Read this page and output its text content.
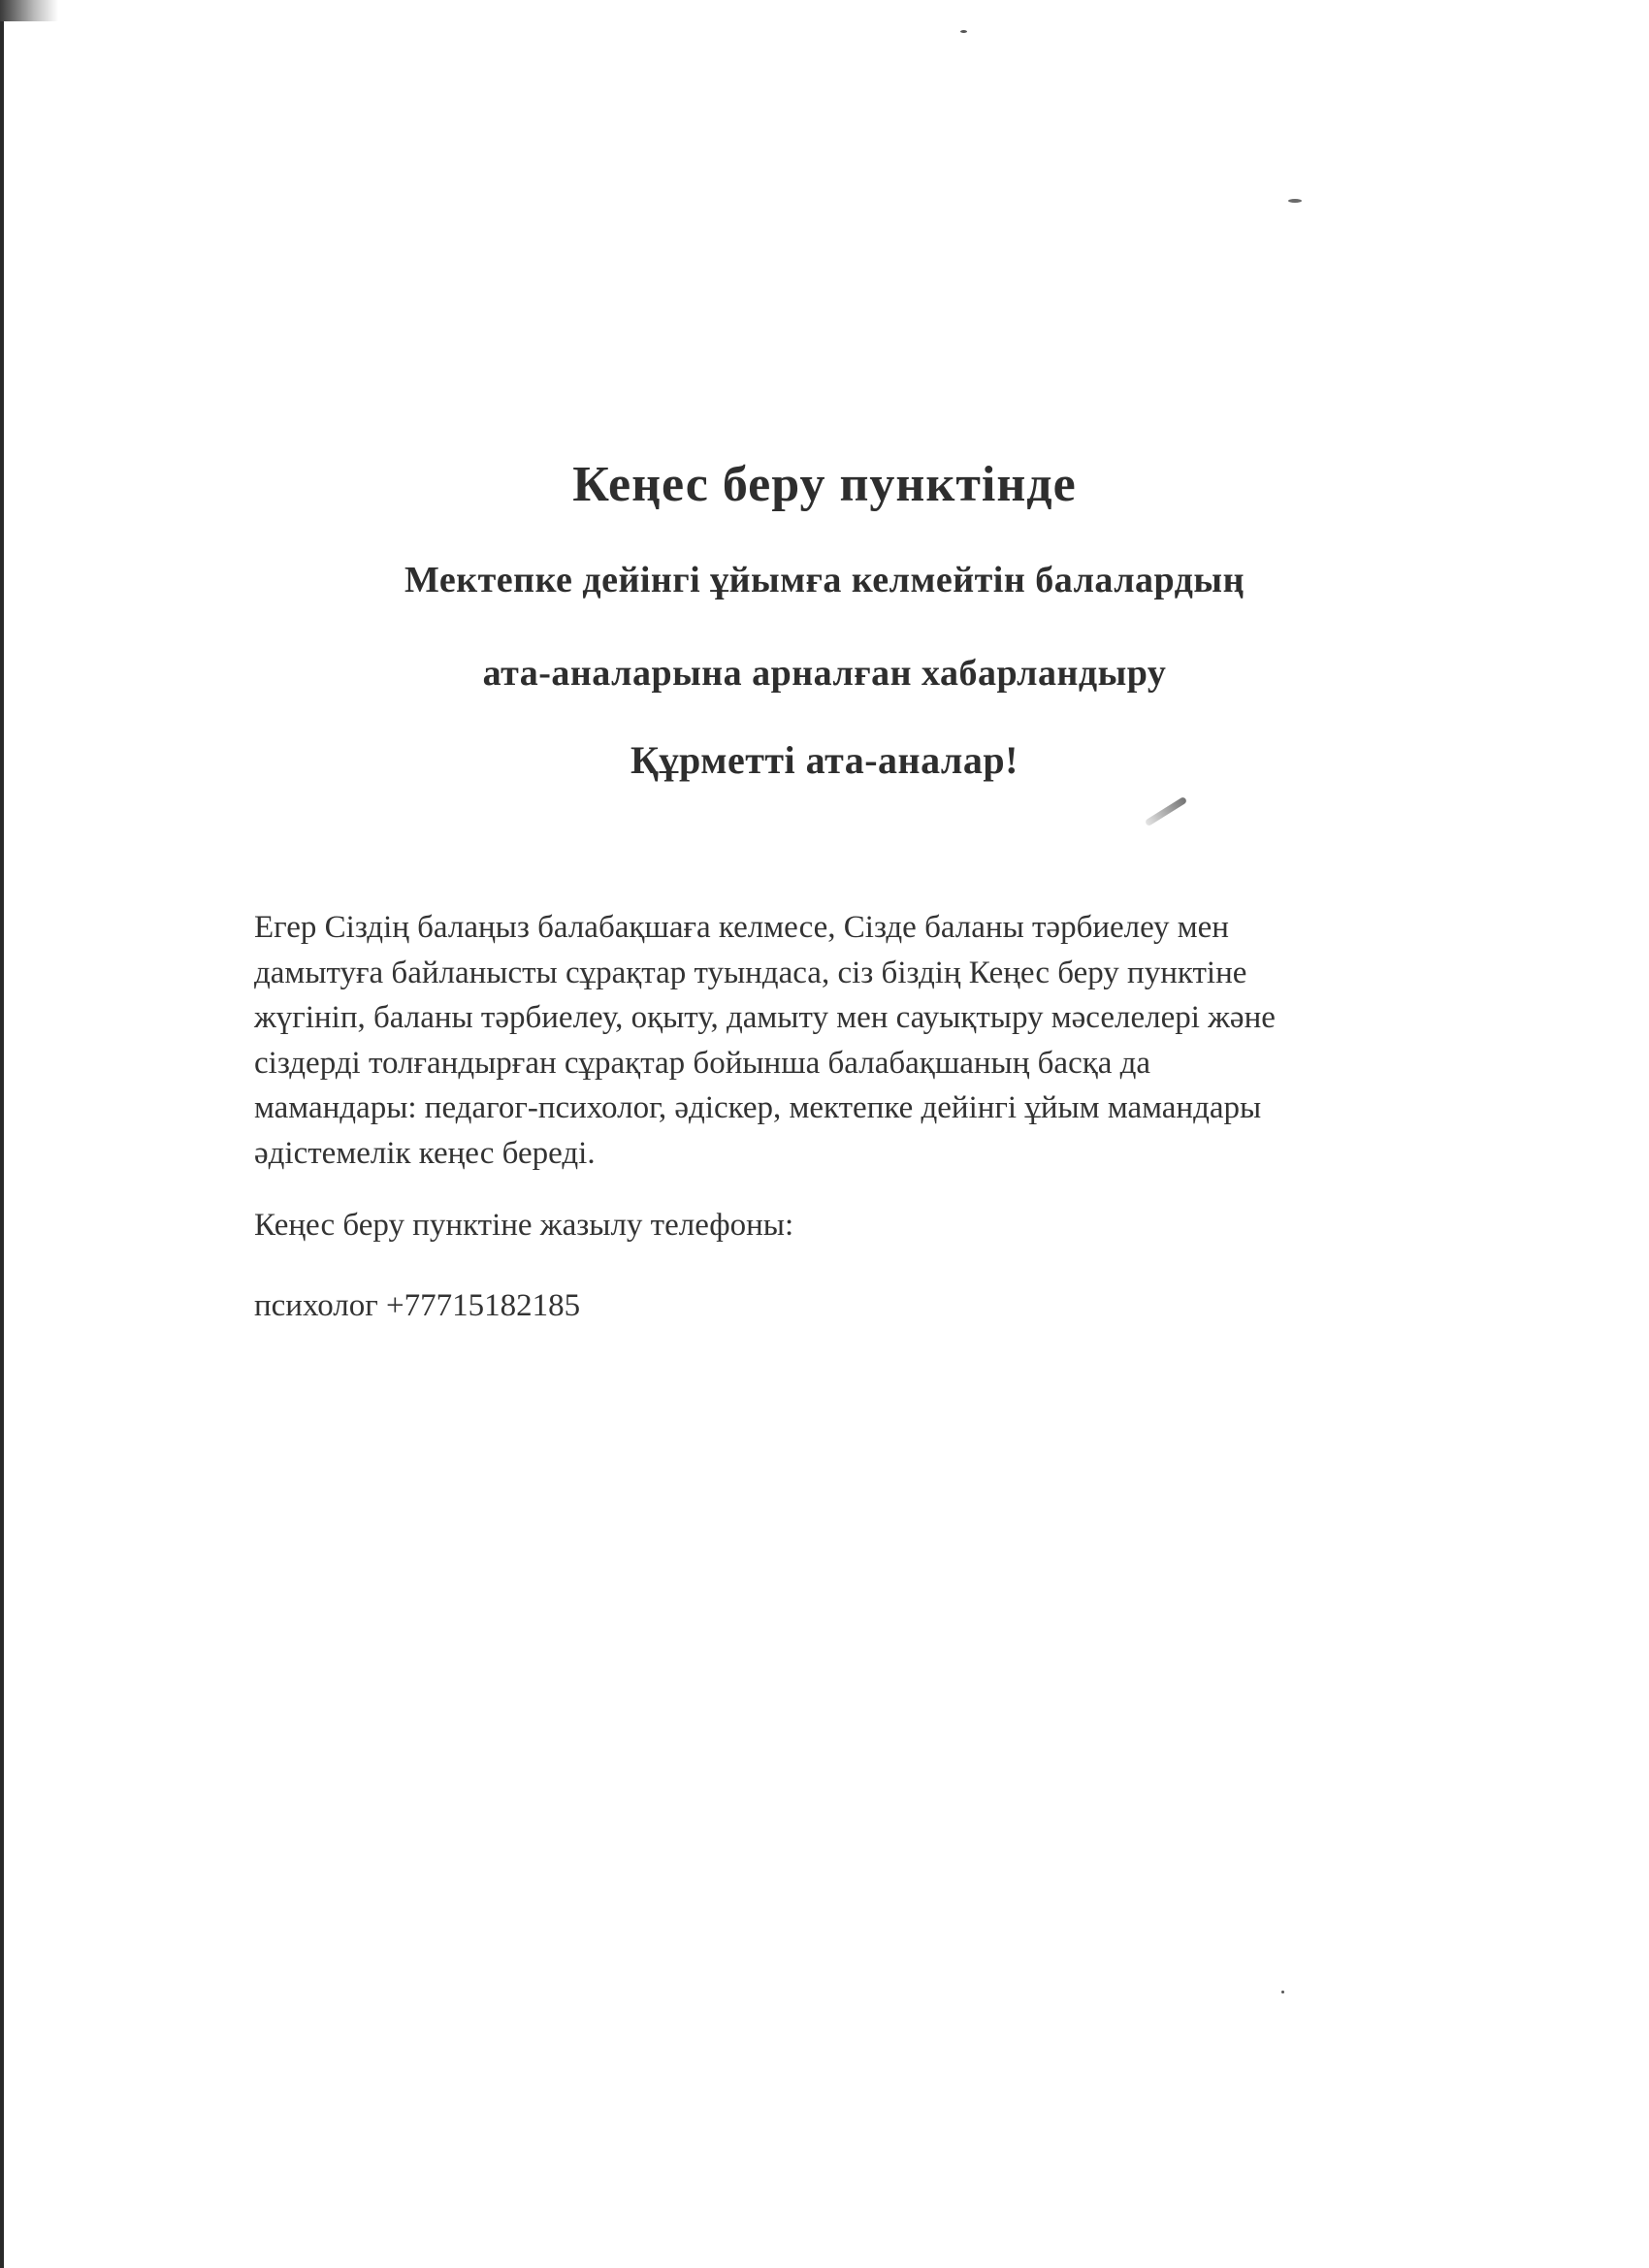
Кеңес беру пунктінде
Мектепке дейінгі ұйымға келмейтін балалардың
ата-аналарына арналған хабарландыру
Құрметті ата-аналар!

Егер Сіздің балаңыз балабақшаға келмесе, Сізде баланы тәрбиелеу мен
дамытуға байланысты сұрақтар туындаса, сіз біздің Кеңес беру пунктіне
жүгініп, баланы тәрбиелеу, оқыту, дамыту мен сауықтыру мәселелері және
сіздерді толғандырған сұрақтар бойынша балабақшаның басқа да
мамандары: педагог-психолог, әдіскер, мектепке дейінгі ұйым мамандары
әдістемелік кеңес береді.

Кеңес беру пунктіне жазылу телефоны:

психолог +77715182185
